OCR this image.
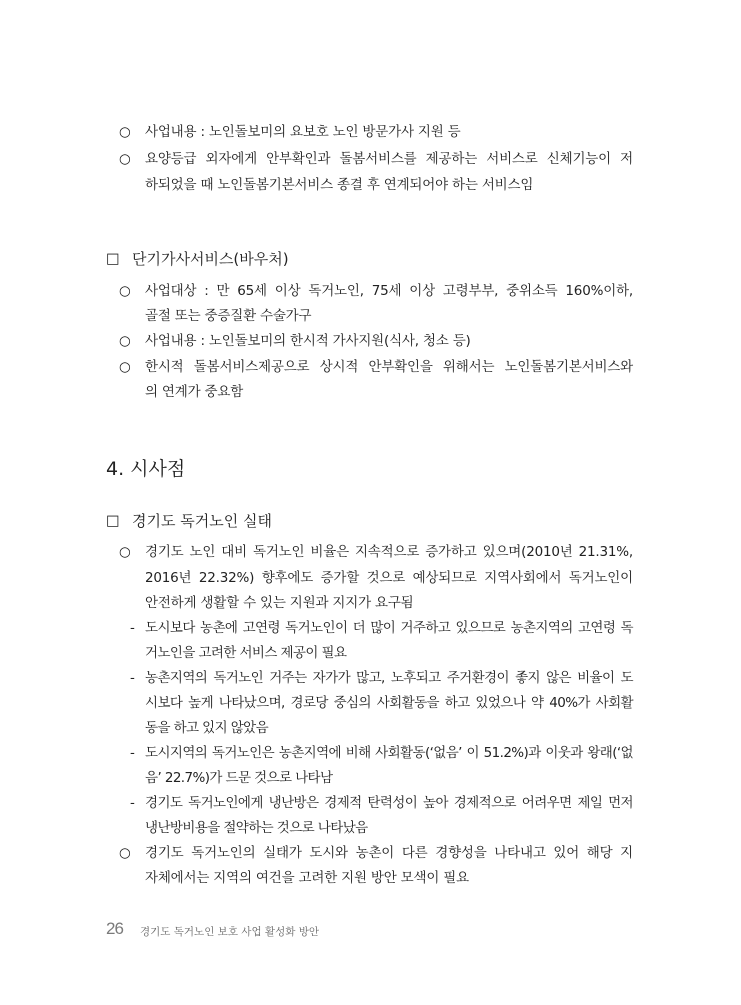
○ 사업내용 : 노인돌보미의 요보호 노인 방문가사 지원 등
○ 요양등급 외자에게 안부확인과 돌봄서비스를 제공하는 서비스로 신체기능이 저
하되었을 때 노인돌봄기본서비스 종결 후 연계되어야 하는 서비스임
□ 단기가사서비스(바우처)
○ 사업대상 : 만 65세 이상 독거노인, 75세 이상 고령부부, 중위소득 160%이하,
골절 또는 중증질환 수술가구
○ 사업내용 : 노인돌보미의 한시적 가사지원(식사, 청소 등)
○ 한시적 돌봄서비스제공으로 상시적 안부확인을 위해서는 노인돌봄기본서비스와
의 연계가 중요함
4. 시사점
□ 경기도 독거노인 실태
○ 경기도 노인 대비 독거노인 비율은 지속적으로 증가하고 있으며(2010년 21.31%,
2016년 22.32%) 향후에도 증가할 것으로 예상되므로 지역사회에서 독거노인이
안전하게 생활할 수 있는 지원과 지지가 요구됨
- 도시보다 농촌에 고연령 독거노인이 더 많이 거주하고 있으므로 농촌지역의 고연령 독
거노인을 고려한 서비스 제공이 필요
- 농촌지역의 독거노인 거주는 자가가 많고, 노후되고 주거환경이 좋지 않은 비율이 도
시보다 높게 나타났으며, 경로당 중심의 사회활동을 하고 있었으나 약 40%가 사회활
동을 하고 있지 않았음
- 도시지역의 독거노인은 농촌지역에 비해 사회활동(‘없음’ 이 51.2%)과 이웃과 왕래(‘없
음’ 22.7%)가 드문 것으로 나타남
- 경기도 독거노인에게 냉난방은 경제적 탄력성이 높아 경제적으로 어려우면 제일 먼저
냉난방비용을 절약하는 것으로 나타났음
○ 경기도 독거노인의 실태가 도시와 농촌이 다른 경향성을 나타내고 있어 해당 지
자체에서는 지역의 여건을 고려한 지원 방안 모색이 필요
26 경기도 독거노인 보호 사업 활성화 방안
